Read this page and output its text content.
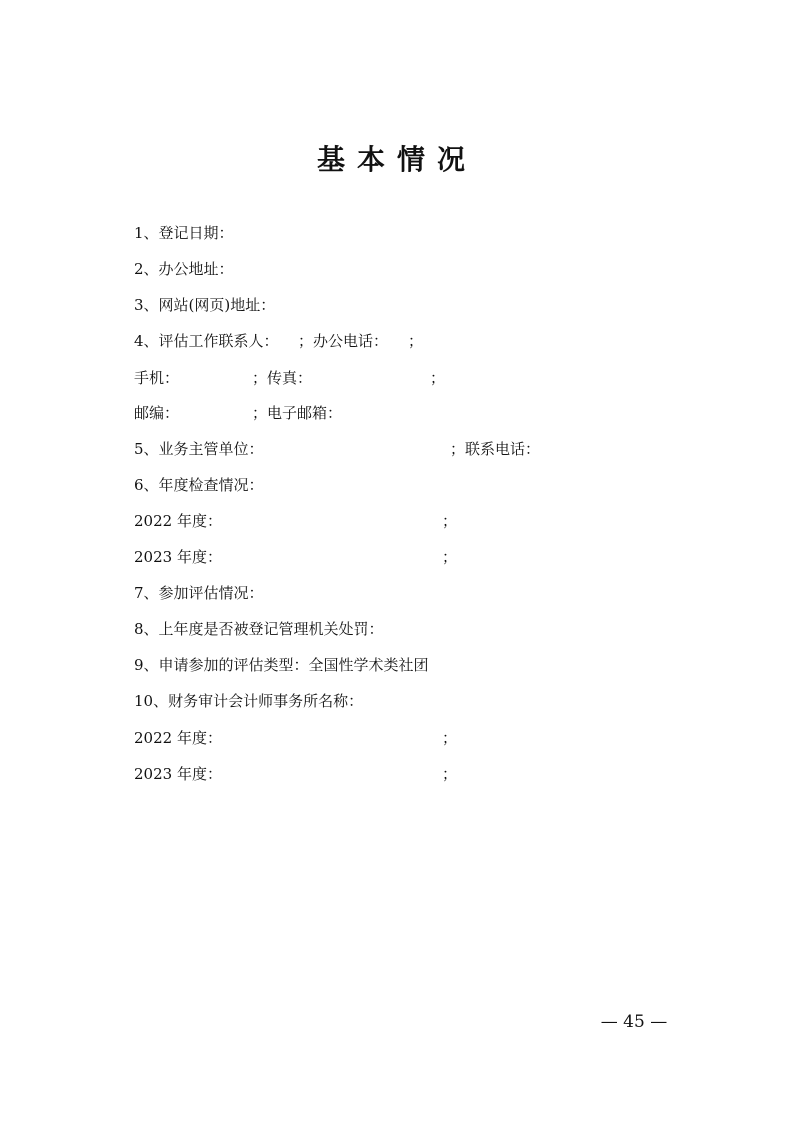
基本情况
1、登记日期：
2、办公地址：
3、网站(网页)地址：
4、评估工作联系人： ；办公电话： ；
手机：	；传真：	；
邮编：	；电子邮箱：
5、业务主管单位：	；联系电话：
6、年度检查情况：
2022 年度：	；
2023 年度：	；
7、参加评估情况：
8、上年度是否被登记管理机关处罚：
9、申请参加的评估类型：全国性学术类社团
10、财务审计会计师事务所名称：
2022 年度：	；
2023 年度：	；
— 45 —
